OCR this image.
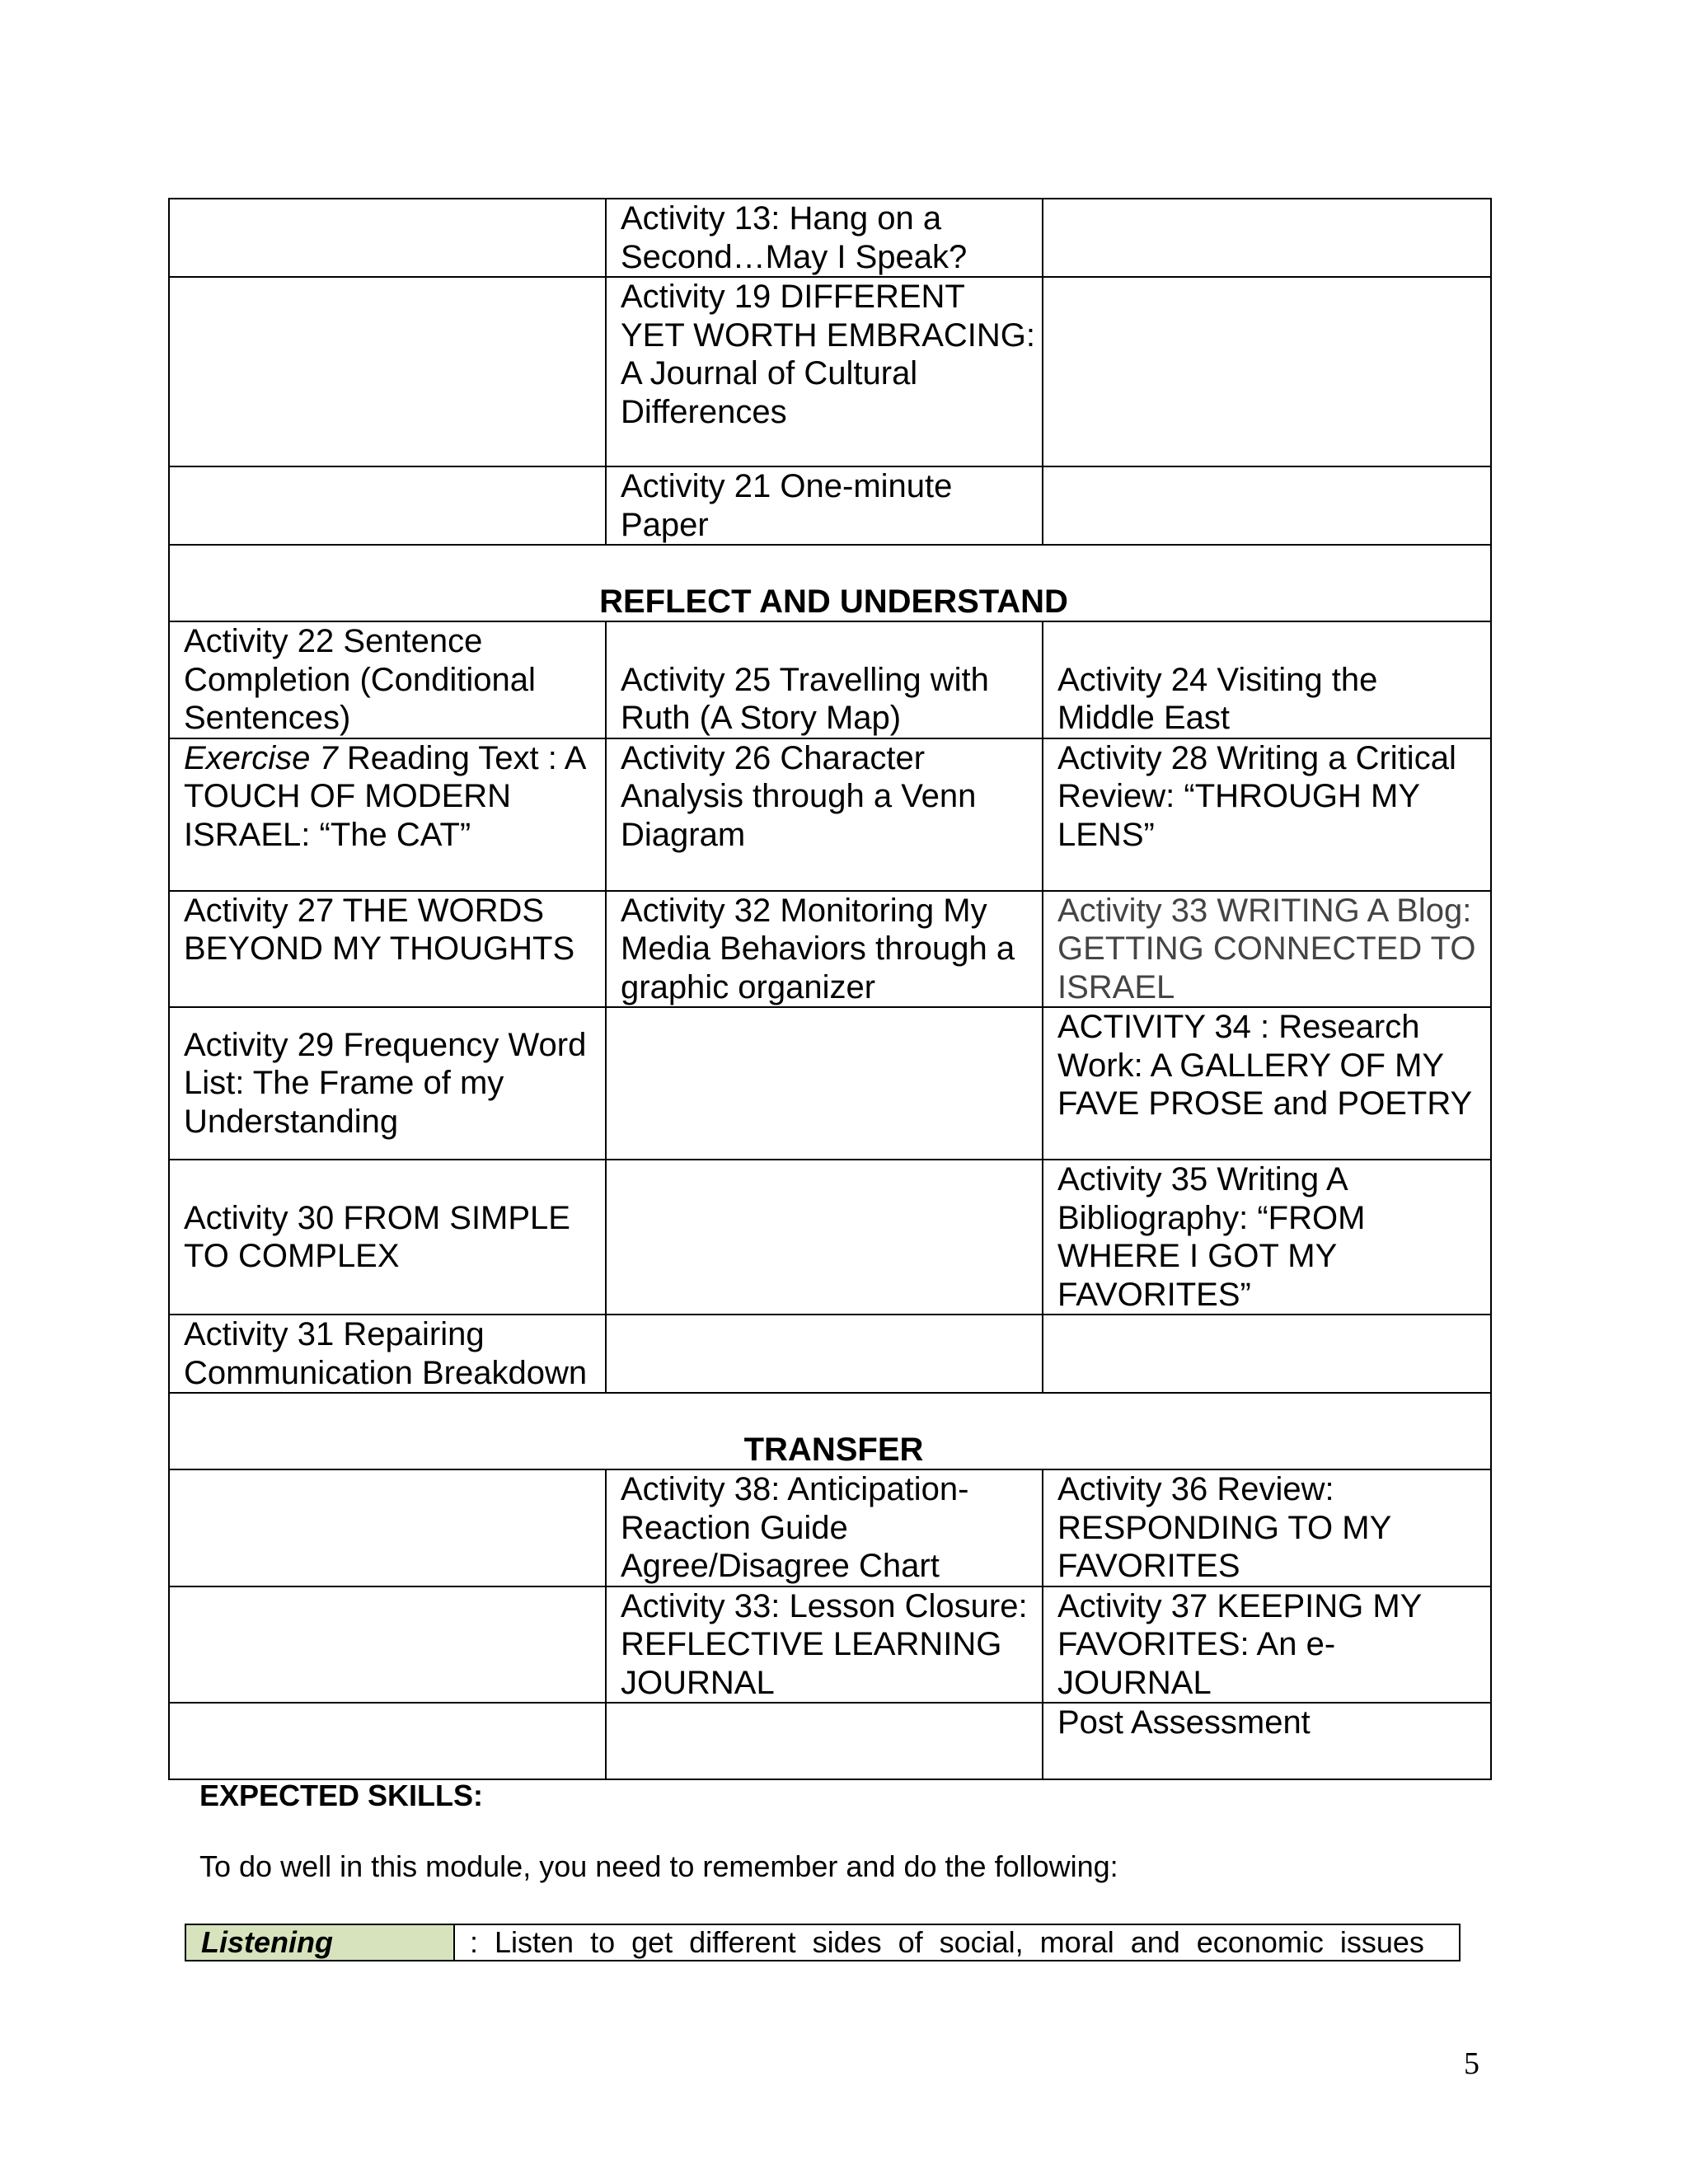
	Activity 13: Hang on a Second…May I Speak?	

	Activity 19 DIFFERENT YET WORTH EMBRACING:
A Journal of Cultural Differences	

	Activity 21 One-minute Paper	
REFLECT AND UNDERSTAND		
Activity 22 Sentence Completion (Conditional Sentences)	Activity 25 Travelling with Ruth (A Story Map)	Activity 24 Visiting the Middle East
Exercise 7 Reading Text : A TOUCH OF MODERN ISRAEL: “The CAT”	Activity 26 Character Analysis through a Venn Diagram	Activity 28 Writing a Critical Review: “THROUGH MY LENS”
Activity 27 THE WORDS BEYOND MY THOUGHTS	Activity 32 Monitoring My Media Behaviors through a graphic organizer	Activity 33 WRITING A Blog: GETTING CONNECTED TO ISRAEL
Activity 29 Frequency Word List: The Frame of my Understanding		ACTIVITY 34 : Research Work: A GALLERY OF MY FAVE PROSE and POETRY
Activity 30 FROM SIMPLE TO COMPLEX		Activity 35 Writing A Bibliography: “FROM WHERE I GOT MY FAVORITES”
Activity 31 Repairing Communication Breakdown		
TRANSFER		
	Activity 38: Anticipation-Reaction Guide Agree/Disagree Chart	Activity 36 Review: RESPONDING TO MY FAVORITES
	Activity 33: Lesson Closure: REFLECTIVE LEARNING JOURNAL	Activity 37 KEEPING MY FAVORITES: An e-JOURNAL
		Post Assessment
EXPECTED SKILLS:
To do well in this module, you need to remember and do the following:
Listening	: Listen to get different sides of social, moral and economic issues
5
